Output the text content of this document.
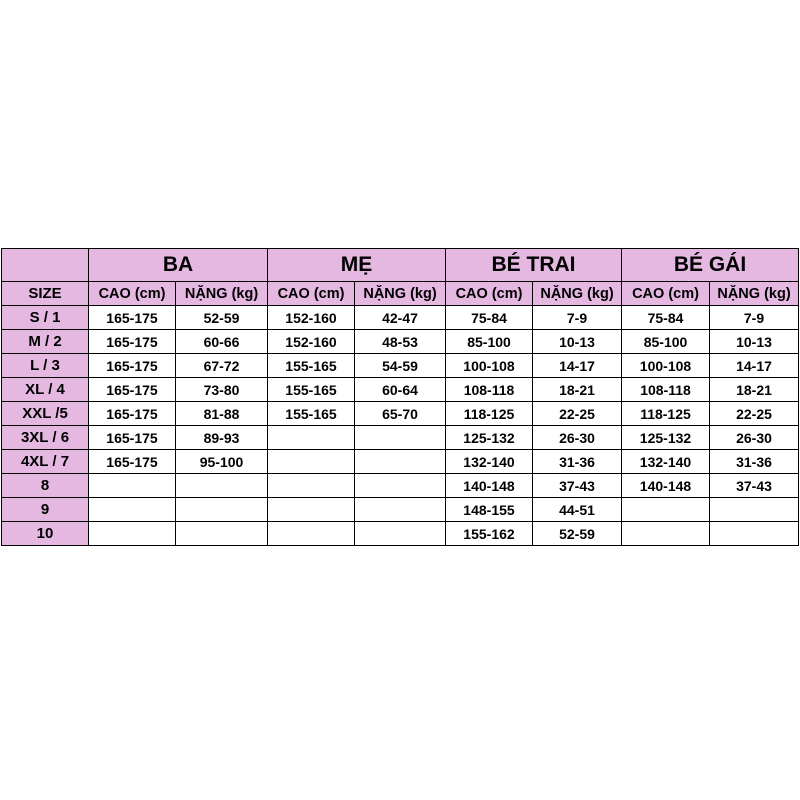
	BA		MẸ		BÉ TRAI		BÉ GÁI	
SIZE	CAO (cm)	NẶNG (kg)	CAO (cm)	NẶNG (kg)	CAO (cm)	NẶNG (kg)	CAO (cm)	NẶNG (kg)
S / 1	165-175	52-59	152-160	42-47	75-84	7-9	75-84	7-9
M / 2	165-175	60-66	152-160	48-53	85-100	10-13	85-100	10-13
L / 3	165-175	67-72	155-165	54-59	100-108	14-17	100-108	14-17
XL / 4	165-175	73-80	155-165	60-64	108-118	18-21	108-118	18-21
XXL /5	165-175	81-88	155-165	65-70	118-125	22-25	118-125	22-25
3XL / 6	165-175	89-93			125-132	26-30	125-132	26-30
4XL / 7	165-175	95-100			132-140	31-36	132-140	31-36
8					140-148	37-43	140-148	37-43
9					148-155	44-51		
10					155-162	52-59		
